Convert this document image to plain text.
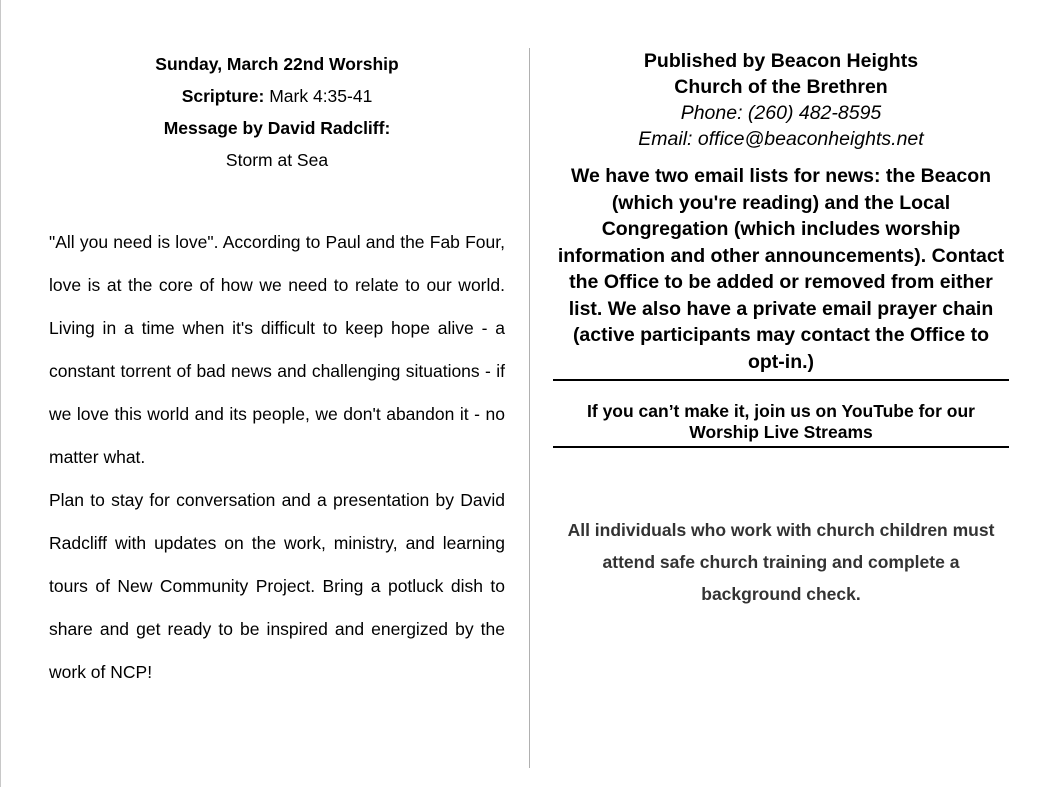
Sunday, March 22nd Worship

Scripture: Mark 4:35-41

Message by David Radcliff:

Storm at Sea

"All you need is love". According to Paul and the Fab Four, love is at the core of how we need to relate to our world. Living in a time when it's difficult to keep hope alive - a constant torrent of bad news and challenging situations - if we love this world and its people, we don't abandon it - no matter what.

Plan to stay for conversation and a presentation by David Radcliff with updates on the work, ministry, and learning tours of New Community Project. Bring a potluck dish to share and get ready to be inspired and energized by the work of NCP!

Published by Beacon Heights

Church of the Brethren

Phone: (260) 482-8595

Email: office@beaconheights.net

We have two email lists for news: the Beacon (which you're reading) and the Local Congregation (which includes worship information and other announcements). Contact the Office to be added or removed from either list. We also have a private email prayer chain (active participants may contact the Office to opt-in.)
If you can’t make it, join us on YouTube for our
Worship Live Streams
All individuals who work with church children must
attend safe church training and complete a
background check.
